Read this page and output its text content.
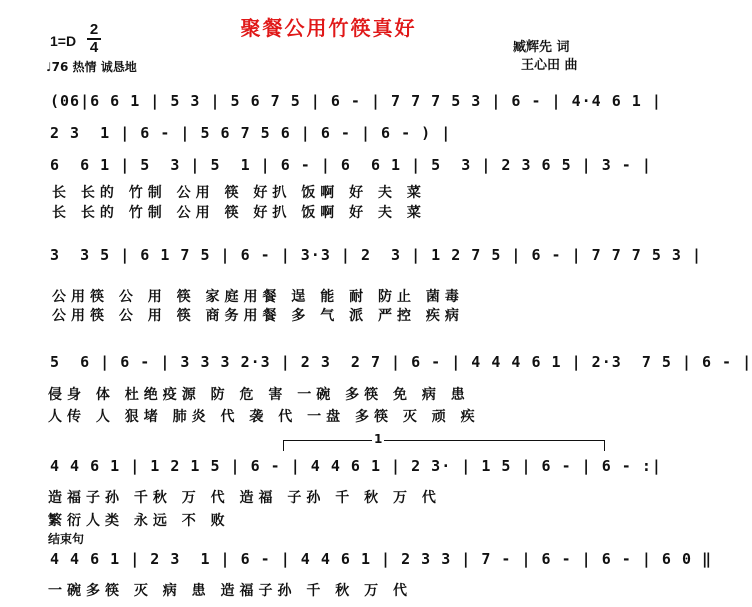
聚餐公用竹筷真好
1=D
2
4
♩76 热情 诚恳地
臧辉先 词
王心田 曲
(06|6 6 1 | 5 3 | 5 6 7 5 | 6 - | 7 7 7 5 3 | 6 - | 4·4 6 1 |
2 3  1 | 6 - | 5 6 7 5 6 | 6 - | 6 - ) |
6  6 1 | 5  3 | 5  1 | 6 - | 6  6 1 | 5  3 | 2 3 6 5 | 3 - |
长 长的 竹制 公用 筷 好扒 饭啊 好 夫 菜
长 长的 竹制 公用 筷 好扒 饭啊 好 夫 菜
3  3 5 | 6 1 7 5 | 6 - | 3·3 | 2  3 | 1 2 7 5 | 6 - | 7 7 7 5 3 |
公用筷 公 用 筷 家庭用餐 逞 能 耐 防止 菌毒
公用筷 公 用 筷 商务用餐 多 气 派 严控 疾病
5  6 | 6 - | 3 3 3 2·3 | 2 3  2 7 | 6 - | 4 4 4 6 1 | 2·3  7 5 | 6 - |
侵身 体 杜绝疫源 防 危 害 一碗 多筷 免 病 患
人传 人 狠堵 肺炎 代 袭 代 一盘 多筷 灭 顽 疾
1
4 4 6 1 | 1 2 1 5 | 6 - | 4 4 6 1 | 2 3· | 1 5 | 6 - | 6 - :|
造福子孙 千秋 万 代 造福 子孙 千 秋 万 代
繁衍人类 永远 不 败
结束句
4 4 6 1 | 2 3  1 | 6 - | 4 4 6 1 | 2 3 3 | 7 - | 6 - | 6 - | 6 0 ‖
一碗多筷 灭 病 患 造福子孙 千 秋 万 代
